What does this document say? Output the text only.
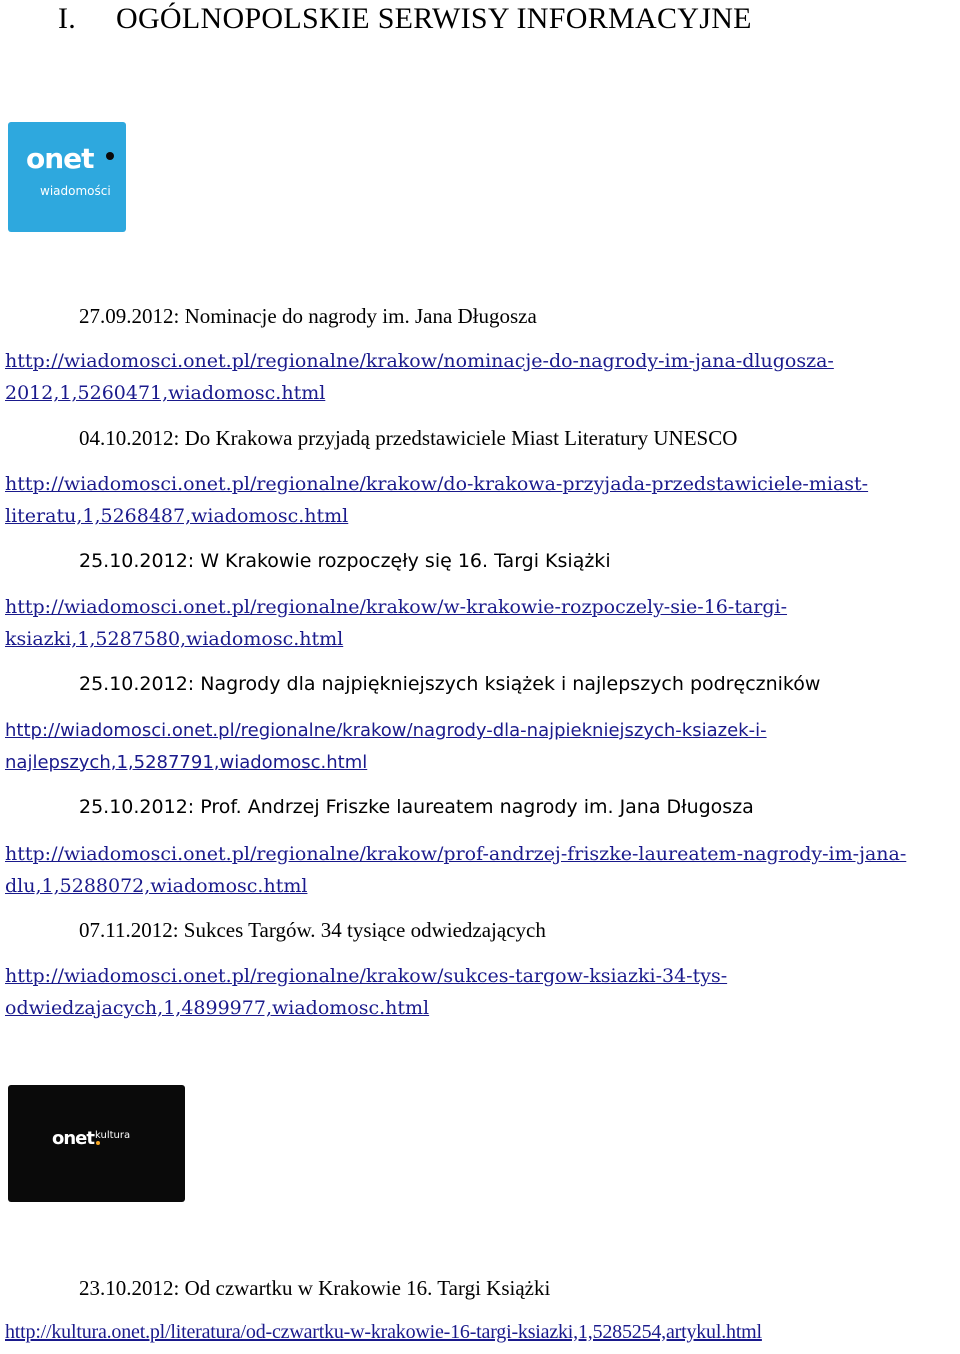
I. OGÓLNOPOLSKIE SERWISY INFORMACYJNE
onet
wiadomości
27.09.2012: Nominacje do nagrody im. Jana Długosza
http://wiadomosci.onet.pl/regionalne/krakow/nominacje-do-nagrody-im-jana-dlugosza-
2012,1,5260471,wiadomosc.html
04.10.2012: Do Krakowa przyjadą przedstawiciele Miast Literatury UNESCO
http://wiadomosci.onet.pl/regionalne/krakow/do-krakowa-przyjada-przedstawiciele-miast-
literatu,1,5268487,wiadomosc.html
25.10.2012: W Krakowie rozpoczęły się 16. Targi Książki
http://wiadomosci.onet.pl/regionalne/krakow/w-krakowie-rozpoczely-sie-16-targi-
ksiazki,1,5287580,wiadomosc.html
25.10.2012: Nagrody dla najpiękniejszych książek i najlepszych podręczników
http://wiadomosci.onet.pl/regionalne/krakow/nagrody-dla-najpiekniejszych-ksiazek-i-
najlepszych,1,5287791,wiadomosc.html
25.10.2012: Prof. Andrzej Friszke laureatem nagrody im. Jana Długosza
http://wiadomosci.onet.pl/regionalne/krakow/prof-andrzej-friszke-laureatem-nagrody-im-jana-
dlu,1,5288072,wiadomosc.html
07.11.2012: Sukces Targów. 34 tysiące odwiedzających
http://wiadomosci.onet.pl/regionalne/krakow/sukces-targow-ksiazki-34-tys-
odwiedzajacych,1,4899977,wiadomosc.html
onet kultura
23.10.2012: Od czwartku w Krakowie 16. Targi Książki
http://kultura.onet.pl/literatura/od-czwartku-w-krakowie-16-targi-ksiazki,1,5285254,artykul.html
